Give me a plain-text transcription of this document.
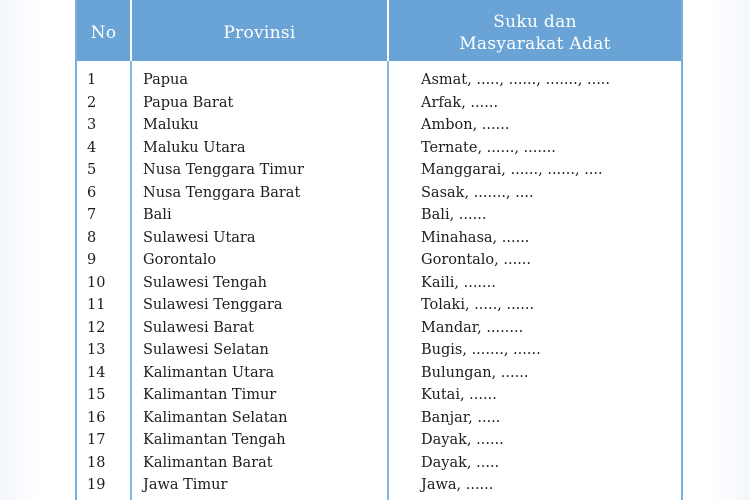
No	Provinsi
Suku dan
Masyarakat Adat
1	Papua	Asmat, ....., ......, ......., .....
2	Papua Barat	Arfak, ......
3	Maluku	Ambon, ......
4	Maluku Utara	Ternate, ......, .......
5	Nusa Tenggara Timur	Manggarai, ......, ......, ....
6	Nusa Tenggara Barat	Sasak, ......., ....
7	Bali	Bali, ......
8	Sulawesi Utara	Minahasa, ......
9	Gorontalo	Gorontalo, ......
10	Sulawesi Tengah	Kaili, .......
11	Sulawesi Tenggara	Tolaki, ....., ......
12	Sulawesi Barat	Mandar, ........
13	Sulawesi Selatan	Bugis, ......., ......
14	Kalimantan Utara	Bulungan, ......
15	Kalimantan Timur	Kutai, ......
16	Kalimantan Selatan	Banjar, .....
17	Kalimantan Tengah	Dayak, ......
18	Kalimantan Barat	Dayak, .....
19	Jawa Timur	Jawa, ......
